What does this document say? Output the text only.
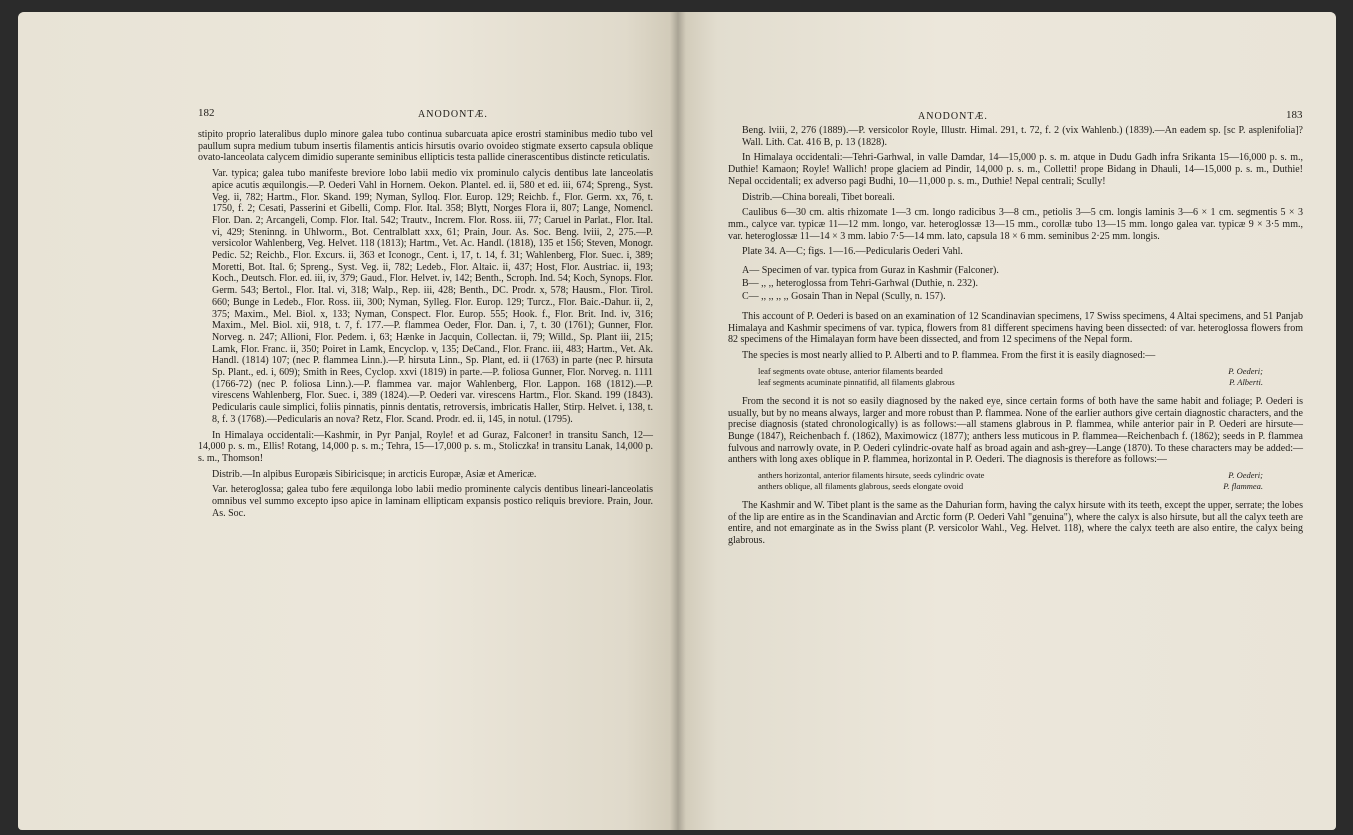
182	ANODONTÆ.

stipito proprio lateralibus duplo minore galea tubo continua subarcuata apice erostri staminibus medio tubo vel paullum supra medium tubum insertis filamentis anticis hirsutis ovario ovoideo stigmate exserto capsula oblique ovato-lanceolata calycem dimidio superante seminibus ellipticis testa pallide cinerascentibus distincte reticulatis.

Var. typica; galea tubo manifeste breviore lobo labii medio vix prominulo calycis dentibus late lanceolatis apice acutis æquilongis.—P. Oederi Vahl in Hornem. Oekon. Plantel. ed. ii, 580 et ed. iii, 674; Spreng., Syst. Veg. ii, 782; Hartm., Flor. Skand. 199; Nyman, Sylloq. Flor. Europ. 129; Reichb. f., Flor. Germ. xx, 76, t. 1750, f. 2; Cesati, Passerini et Gibelli, Comp. Flor. Ital. 358; Blytt, Norges Flora ii, 807; Lange, Nomencl. Flor. Dan. 2; Arcangeli, Comp. Flor. Ital. 542; Trautv., Increm. Flor. Ross. iii, 77; Caruel in Parlat., Flor. Ital. vi, 429; Steninng. in Uhlworm., Bot. Centralblatt xxx, 61; Prain, Jour. As. Soc. Beng. lviii, 2, 275.—P. versicolor Wahlenberg, Veg. Helvet. 118 (1813); Hartm., Vet. Ac. Handl. (1818), 135 et 156; Steven, Monogr. Pedic. 52; Reichb., Flor. Excurs. ii, 363 et Iconogr., Cent. i, 17, t. 14, f. 31; Wahlenberg, Flor. Suec. i, 389; Moretti, Bot. Ital. 6; Spreng., Syst. Veg. ii, 782; Ledeb., Flor. Altaic. ii, 437; Host, Flor. Austriac. ii, 193; Koch., Deutsch. Flor. ed. iii, iv, 379; Gaud., Flor. Helvet. iv, 142; Benth., Scroph. Ind. 54; Koch, Synops. Flor. Germ. 543; Bertol., Flor. Ital. vi, 318; Walp., Rep. iii, 428; Benth., DC. Prodr. x, 578; Hausm., Flor. Tirol. 660; Bunge in Ledeb., Flor. Ross. iii, 300; Nyman, Sylleg. Flor. Europ. 129; Turcz., Flor. Baic.-Dahur. ii, 2, 375; Maxim., Mel. Biol. x, 133; Nyman, Conspect. Flor. Europ. 555; Hook. f., Flor. Brit. Ind. iv, 316; Maxim., Mel. Biol. xii, 918, t. 7, f. 177.—P. flammea Oeder, Flor. Dan. i, 7, t. 30 (1761); Gunner, Flor. Norveg. n. 247; Allioni, Flor. Pedem. i, 63; Hænke in Jacquin, Collectan. ii, 79; Willd., Sp. Plant iii, 215; Lamk, Flor. Franc. ii, 350; Poiret in Lamk, Encyclop. v, 135; DeCand., Flor. Franc. iii, 483; Hartm., Vet. Ak. Handl. (1814) 107; (nec P. flammea Linn.).—P. hirsuta Linn., Sp. Plant, ed. ii (1763) in parte (nec P. hirsuta Sp. Plant., ed. i, 609); Smith in Rees, Cyclop. xxvi (1819) in parte.—P. foliosa Gunner, Flor. Norveg. n. 1111 (1766-72) (nec P. foliosa Linn.).—P. flammea var. major Wahlenberg, Flor. Lappon. 168 (1812).—P. virescens Wahlenberg, Flor. Suec. i, 389 (1824).—P. Oederi var. virescens Hartm., Flor. Skand. 199 (1843). Pedicularis caule simplici, foliis pinnatis, pinnis dentatis, retroversis, imbricatis Haller, Stirp. Helvet. i, 138, t. 8, f. 3 (1768).—Pedicularis an nova? Retz, Flor. Scand. Prodr. ed. ii, 145, in notul. (1795).

In Himalaya occidentali:—Kashmir, in Pyr Panjal, Royle! et ad Guraz, Falconer! in transitu Sanch, 12—14,000 p. s. m., Ellis! Rotang, 14,000 p. s. m.; Tehra, 15—17,000 p. s. m., Stoliczka! in transitu Lanak, 14,000 p. s. m., Thomson!

Distrib.—In alpibus Europæis Sibiricisque; in arcticis Europæ, Asiæ et Americæ.

Var. heteroglossa; galea tubo fere æquilonga lobo labii medio prominente calycis dentibus lineari-lanceolatis omnibus vel summo excepto ipso apice in laminam ellipticam expansis postico reliquis breviore. Prain, Jour. As. Soc.

ANODONTÆ.	183

Beng. lviii, 2, 276 (1889).—P. versicolor Royle, Illustr. Himal. 291, t. 72, f. 2 (vix Wahlenb.) (1839).—An eadem sp. [sc P. asplenifolia]? Wall. Lith. Cat. 416 B, p. 13 (1828).

In Himalaya occidentali:—Tehri-Garhwal, in valle Damdar, 14—15,000 p. s. m. atque in Dudu Gadh infra Srikanta 15—16,000 p. s. m., Duthie! Kamaon; Royle! Wallich! prope glaciem ad Pindir, 14,000 p. s. m., Colletti! prope Bidang in Dhauli, 14—15,000 p. s. m., Duthie! Nepal occidentali; ex adverso pagi Budhi, 10—11,000 p. s. m., Duthie! Nepal centrali; Scully!

Distrib.—China boreali, Tibet boreali.

Caulibus 6—30 cm. altis rhizomate 1—3 cm. longo radicibus 3—8 cm., petiolis 3—5 cm. longis laminis 3—6 × 1 cm. segmentis 5 × 3 mm., calyce var. typicæ 11—12 mm. longo, var. heteroglossæ 13—15 mm., corollæ tubo 13—15 mm. longo galea var. typicæ 9 × 3·5 mm., var. heteroglossæ 11—14 × 3 mm. labio 7·5—14 mm. lato, capsula 18 × 6 mm. seminibus 2·25 mm. longis.

Plate 34. A—C; figs. 1—16.—Pedicularis Oederi Vahl.

A— Specimen of var. typica from Guraz in Kashmir (Falconer).
B— ,, ,, heteroglossa from Tehri-Garhwal (Duthie, n. 232).
C— ,, ,, ,, ,, Gosain Than in Nepal (Scully, n. 157).

This account of P. Oederi is based on an examination of 12 Scandinavian specimens, 17 Swiss specimens, 4 Altai specimens, and 51 Panjab Himalaya and Kashmir specimens of var. typica, flowers from 81 different specimens having been dissected: of var. heteroglossa flowers from 82 specimens of the Himalayan form have been dissected, and from 12 specimens of the Nepal form.

The species is most nearly allied to P. Alberti and to P. flammea. From the first it is easily diagnosed:—

leaf segments ovate obtuse, anterior filaments bearded	P. Oederi;
leaf segments acuminate pinnatifid, all filaments glabrous	P. Alberti.

From the second it is not so easily diagnosed by the naked eye, since certain forms of both have the same habit and foliage; P. Oederi is usually, but by no means always, larger and more robust than P. flammea. None of the earlier authors give certain diagnostic characters, and the precise diagnosis (stated chronologically) is as follows:—all stamens glabrous in P. flammea, while anterior pair in P. Oederi are hirsute—Bunge (1847), Reichenbach f. (1862), Maximowicz (1877); anthers less muticous in P. flammea—Reichenbach f. (1862); seeds in P. flammea fulvous and narrowly ovate, in P. Oederi cylindric-ovate half as broad again and ash-grey—Lange (1870). To these characters may be added:—anthers with long axes oblique in P. flammea, horizontal in P. Oederi. The diagnosis is therefore as follows:—

anthers horizontal, anterior filaments hirsute, seeds cylindric ovate	P. Oederi;
anthers oblique, all filaments glabrous, seeds elongate ovoid	P. flammea.

The Kashmir and W. Tibet plant is the same as the Dahurian form, having the calyx hirsute with its teeth, except the upper, serrate; the lobes of the lip are entire as in the Scandinavian and Arctic form (P. Oederi Vahl "genuina"), where the calyx is also hirsute, but all the calyx teeth are entire, and not emarginate as in the Swiss plant (P. versicolor Wahl., Veg. Helvet. 118), where the calyx teeth are also entire, the calyx being glabrous.
